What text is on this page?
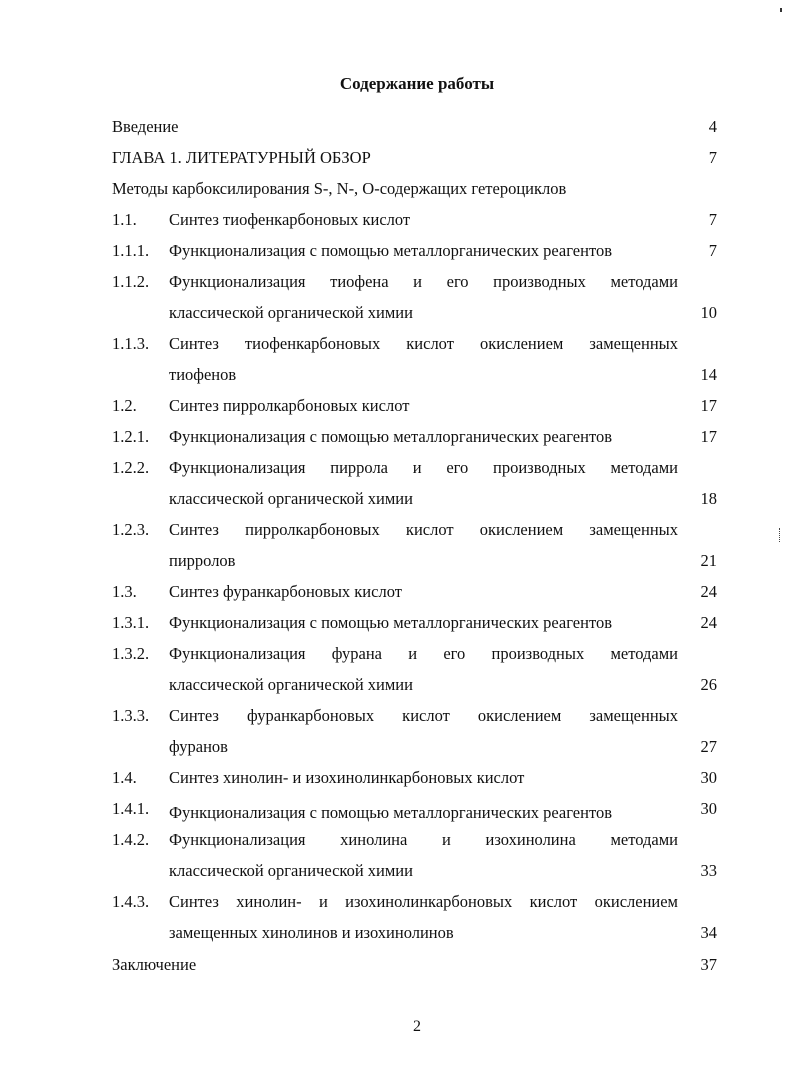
Содержание работы
Введение	4
ГЛАВА 1. ЛИТЕРАТУРНЫЙ ОБЗОР	7
Методы карбоксилирования S-, N-, O-содержащих гетероциклов
1.1. Синтез тиофенкарбоновых кислот	7
1.1.1. Функционализация с помощью металлорганических реагентов	7
1.1.2. Функционализация тиофена и его производных методами
классической органической химии	10
1.1.3. Синтез тиофенкарбоновых кислот окислением замещенных
тиофенов	14
1.2. Синтез пирролкарбоновых кислот	17
1.2.1. Функционализация с помощью металлорганических реагентов	17
1.2.2. Функционализация пиррола и его производных методами
классической органической химии	18
1.2.3. Синтез пирролкарбоновых кислот окислением замещенных
пирролов	21
1.3. Синтез фуранкарбоновых кислот	24
1.3.1. Функционализация с помощью металлорганических реагентов	24
1.3.2. Функционализация фурана и его производных методами
классической органической химии	26
1.3.3. Синтез фуранкарбоновых кислот окислением замещенных
фуранов	27
1.4. Синтез хинолин- и изохинолинкарбоновых кислот	30
1.4.1. Функционализация с помощью металлорганических реагентов	30
1.4.2. Функционализация хинолина и изохинолина методами
классической органической химии	33
1.4.3. Синтез хинолин- и изохинолинкарбоновых кислот окислением
замещенных хинолинов и изохинолинов	34
Заключение	37
2
